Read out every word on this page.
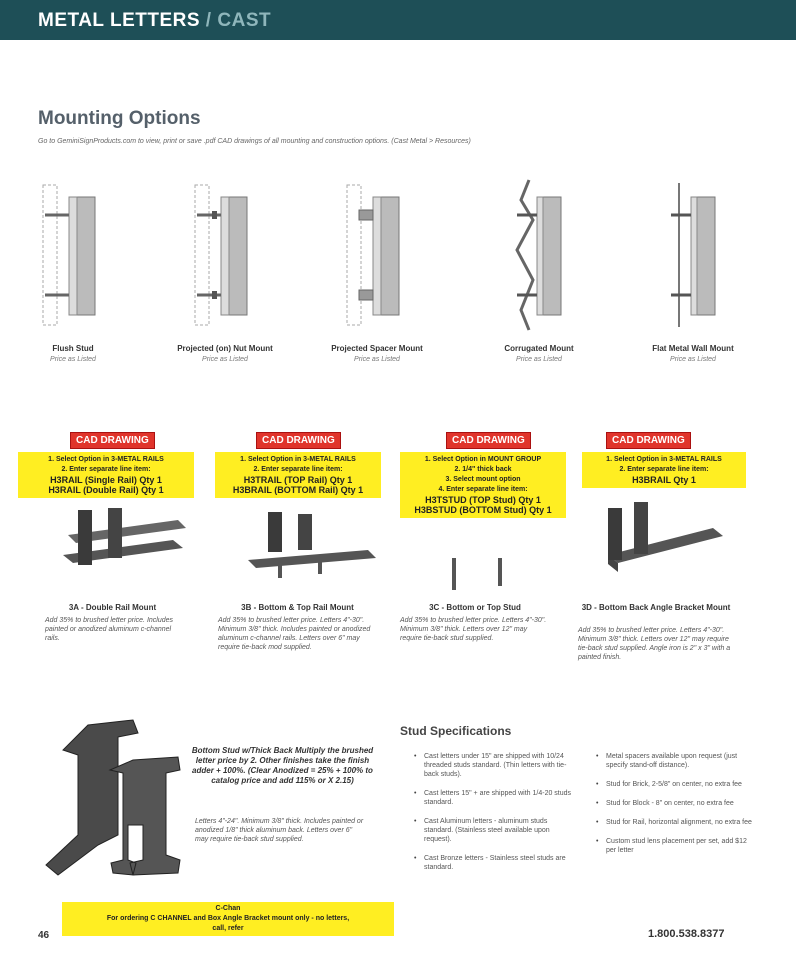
METAL LETTERS / CAST
Mounting Options
Go to GeminiSignProducts.com to view, print or save .pdf CAD drawings of all mounting and construction options. (Cast Metal > Resources)
Flush Stud
Price as Listed
Projected (on) Nut Mount
Price as Listed
Projected Spacer Mount
Price as Listed
Corrugated Mount
Price as Listed
Flat Metal Wall Mount
Price as Listed
CAD DRAWING	CAD DRAWING	CAD DRAWING	CAD DRAWING
1. Select Option in 3-METAL RAILS
2. Enter separate line item:
H3RAIL (Single Rail) Qty 1
H3RAIL (Double Rail) Qty 1
1. Select Option in 3-METAL RAILS
2. Enter separate line item:
H3TRAIL (TOP Rail) Qty 1
H3BRAIL (BOTTOM Rail) Qty 1
1. Select Option in MOUNT GROUP
2. 1/4" thick back
3. Select mount option
4. Enter separate line item:
H3TSTUD (TOP Stud) Qty 1
H3BSTUD (BOTTOM Stud) Qty 1
1. Select Option in 3-METAL RAILS
2. Enter separate line item:
H3BRAIL Qty 1
3A - Double Rail Mount
Add 35% to brushed letter price. Includes painted or anodized aluminum c-channel rails.
3B - Bottom & Top Rail Mount
Add 35% to brushed letter price. Letters 4"-30". Minimum 3/8" thick. Includes painted or anodized aluminum c-channel rails. Letters over 6" may require tie-back mod supplied.
3C - Bottom or Top Stud
Add 35% to brushed letter price. Letters 4"-30". Minimum 3/8" thick. Letters over 12" may require tie-back stud supplied.
3D - Bottom Back Angle Bracket Mount
Add 35% to brushed letter price. Letters 4"-30". Minimum 3/8" thick. Letters over 12" may require tie-back stud supplied. Angle iron is 2" x 3" with a painted finish.
Bottom Stud w/Thick Back Multiply the brushed letter price by 2. Other finishes take the finish adder + 100%. (Clear Anodized = 25% + 100% to catalog price and add 115% or X 2.15)
Letters 4"-24". Minimum 3/8" thick. Includes painted or anodized 1/8" thick aluminum back. Letters over 6" may require tie-back stud supplied.
Stud Specifications
• Cast letters under 15" are shipped with 10/24 threaded studs standard. (Thin letters with tie-back studs).
• Cast letters 15" + are shipped with 1/4-20 studs standard.
• Cast Aluminum letters - aluminum studs standard. (Stainless steel available upon request).
• Cast Bronze letters - Stainless steel studs are standard.
• Metal spacers available upon request (just specify stand-off distance).
• Stud for Brick, 2-5/8" on center, no extra fee
• Stud for Block - 8" on center, no extra fee
• Stud for Rail, horizontal alignment, no extra fee
• Custom stud lens placement per set, add $12 per letter
C-Chan
For ordering C CHANNEL and Box Angle Bracket mount only - no letters,
call, refer
46	1.800.538.8377
